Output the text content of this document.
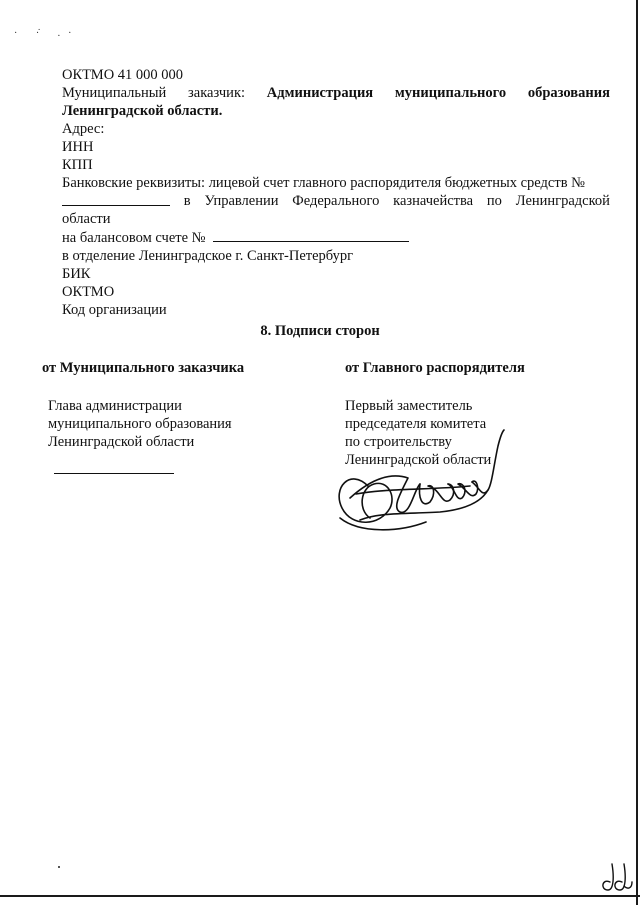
· ·̇ .·
ОКТМО 41 000 000
Муниципальный заказчик: Администрация муниципального образования
Ленинградской области.
Адрес:
ИНН
КПП
Банковские реквизиты: лицевой счет главного распорядителя бюджетных средств №
в Управлении Федерального казначейства по Ленинградской
области
на балансовом счете №
в отделение Ленинградское г. Санкт-Петербург
БИК
ОКТМО
Код организации
8. Подписи сторон
от Муниципального заказчика	от Главного распорядителя
Глава администрации
муниципального образования
Ленинградской области
Первый заместитель
председателя комитета
по строительству
Ленинградской области
